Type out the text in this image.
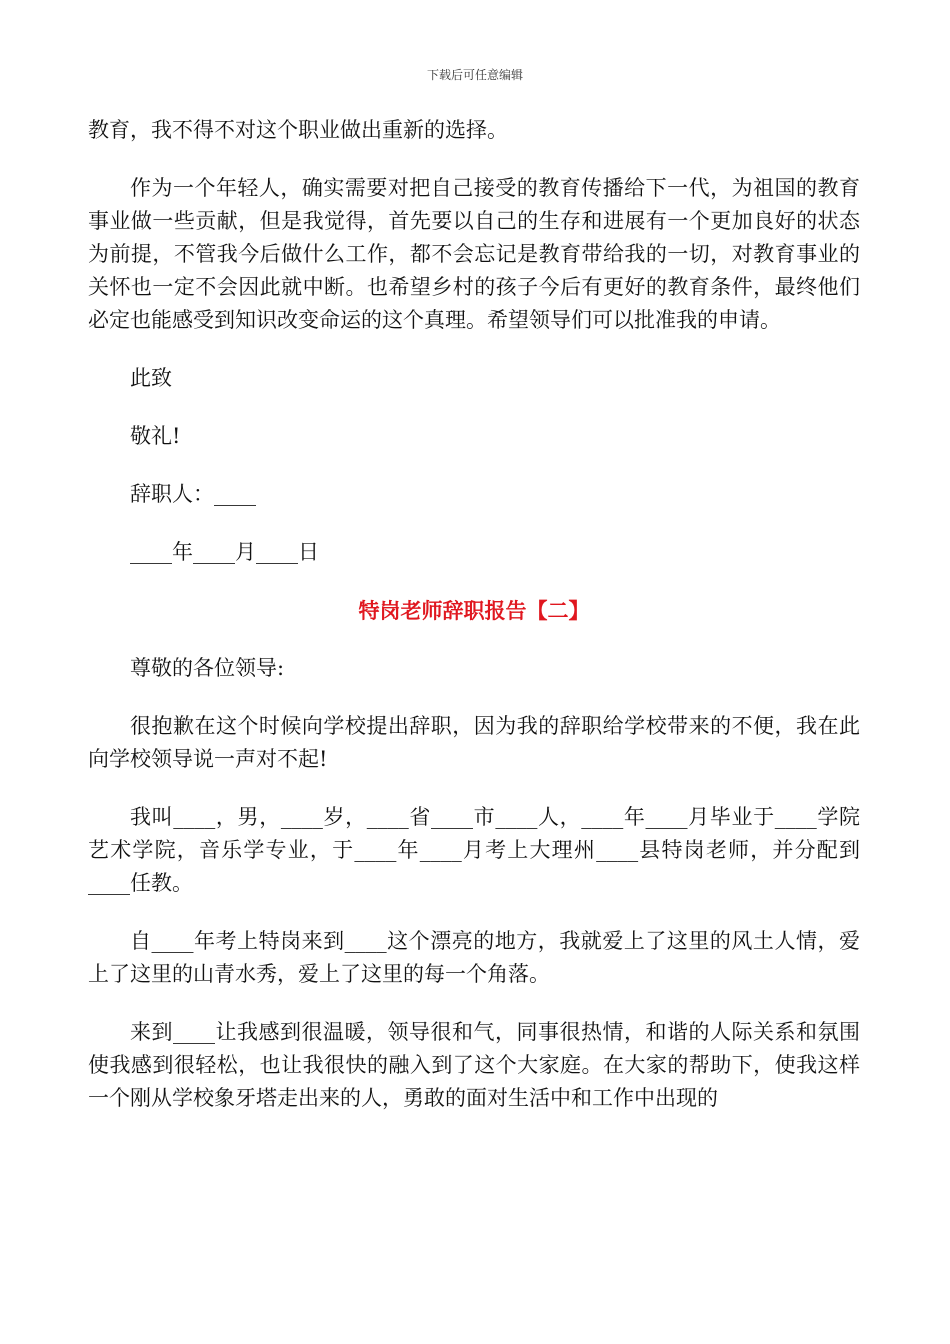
下载后可任意编辑

教育，我不得不对这个职业做出重新的选择。

作为一个年轻人，确实需要对把自己接受的教育传播给下一代，为祖国的教育事业做一些贡献，但是我觉得，首先要以自己的生存和进展有一个更加良好的状态为前提，不管我今后做什么工作，都不会忘记是教育带给我的一切，对教育事业的关怀也一定不会因此就中断。也希望乡村的孩子今后有更好的教育条件，最终他们必定也能感受到知识改变命运的这个真理。希望领导们可以批准我的申请。

此致

敬礼!

辞职人：____

____年____月____日

特岗老师辞职报告【二】

尊敬的各位领导:

很抱歉在这个时候向学校提出辞职，因为我的辞职给学校带来的不便，我在此向学校领导说一声对不起!

我叫____，男，____岁，____省____市____人，____年____月毕业于____学院艺术学院，音乐学专业，于____年____月考上大理州____县特岗老师，并分配到____任教。

自____年考上特岗来到____这个漂亮的地方，我就爱上了这里的风土人情，爱上了这里的山青水秀，爱上了这里的每一个角落。

来到____让我感到很温暖，领导很和气，同事很热情，和谐的人际关系和氛围使我感到很轻松，也让我很快的融入到了这个大家庭。在大家的帮助下，使我这样一个刚从学校象牙塔走出来的人，勇敢的面对生活中和工作中出现的
